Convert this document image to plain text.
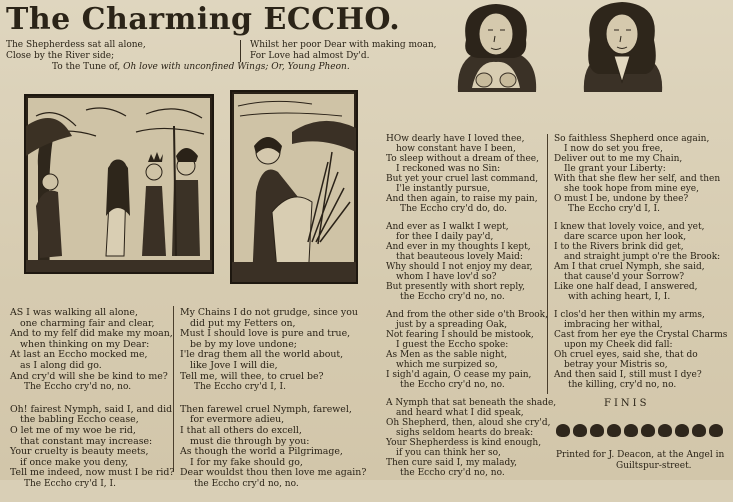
The Charming ECCHO.
The Shepherdess sat all alone,
Close by the River side;
Whilst her poor Dear with making moan,
For Love had almost Dy'd.
To the Tune of, Oh love with unconfined Wings; Or, Young Pheon.
AS I was walking all alone,
one charming fair and clear,
And to my felf did make my moan,
when thinking on my Dear:
At last an Eccho mocked me,
as I along did go.
And cry'd will she be kind to me?
The Eccho cry'd no, no.
Oh! fairest Nymph, said I, and did
the babling Eccho cease,
O let me of my woe be rid,
that constant may increase:
Your cruelty is beauty meets,
if once make you deny,
Tell me indeed, now must I be rid?
The Eccho cry'd I, I.
My Chains I do not grudge, since you
did put my Fetters on,
Must I should love is pure and true,
be by my love undone;
I'le drag them all the world about,
like Jove I will die,
Tell me, will thee, to cruel be?
The Eccho cry'd I, I.
Then farewel cruel Nymph, farewel,
for evermore adieu,
I that all others do excell,
must die through by you:
As though the world a Pilgrimage,
I for my fake should go,
Dear wouldst thou then love me again?
the Eccho cry'd no, no.
HOw dearly have I loved thee,
how constant have I been,
To sleep without a dream of thee,
I reckoned was no Sin:
But yet your cruel last command,
I'le instantly pursue,
And then again, to raise my pain,
The Eccho cry'd do, do.
And ever as I walkt I wept,
for thee I daily pay'd,
And ever in my thoughts I kept,
that beauteous lovely Maid:
Why should I not enjoy my dear,
whom I have lov'd so?
But presently with short reply,
the Eccho cry'd no, no.
And from the other side o'th Brook,
just by a spreading Oak,
Not fearing I should be mistook,
I guest the Eccho spoke:
As Men as the sable night,
which me surpized so,
I sigh'd again, O cease my pain,
the Eccho cry'd no, no.
A Nymph that sat beneath the shade,
and heard what I did speak,
Oh Shepherd, then, aloud she cry'd,
sighs seldom hearts do break:
Your Shepherdess is kind enough,
if you can think her so,
Then cure said I, my malady,
the Eccho cry'd no, no.
So faithless Shepherd once again,
I now do set you free,
Deliver out to me my Chain,
Ile grant your Liberty:
With that she flew her self, and then
she took hope from mine eye,
O must I be, undone by thee?
The Eccho cry'd I, I.
I knew that lovely voice, and yet,
dare scarce upon her look,
I to the Rivers brink did get,
and straight jumpt o're the Brook:
Am I that cruel Nymph, she said,
that cause'd your Sorrow?
Like one half dead, I answered,
with aching heart, I, I.
I clos'd her then within my arms,
imbracing her withal,
Cast from her eye the Crystal Charms
upon my Cheek did fall:
Oh cruel eyes, said she, that do
betray your Mistris so,
And then said I, still must I dye?
the killing, cry'd no, no.
FINIS
Printed for J. Deacon, at the Angel in
Guiltspur-street.
